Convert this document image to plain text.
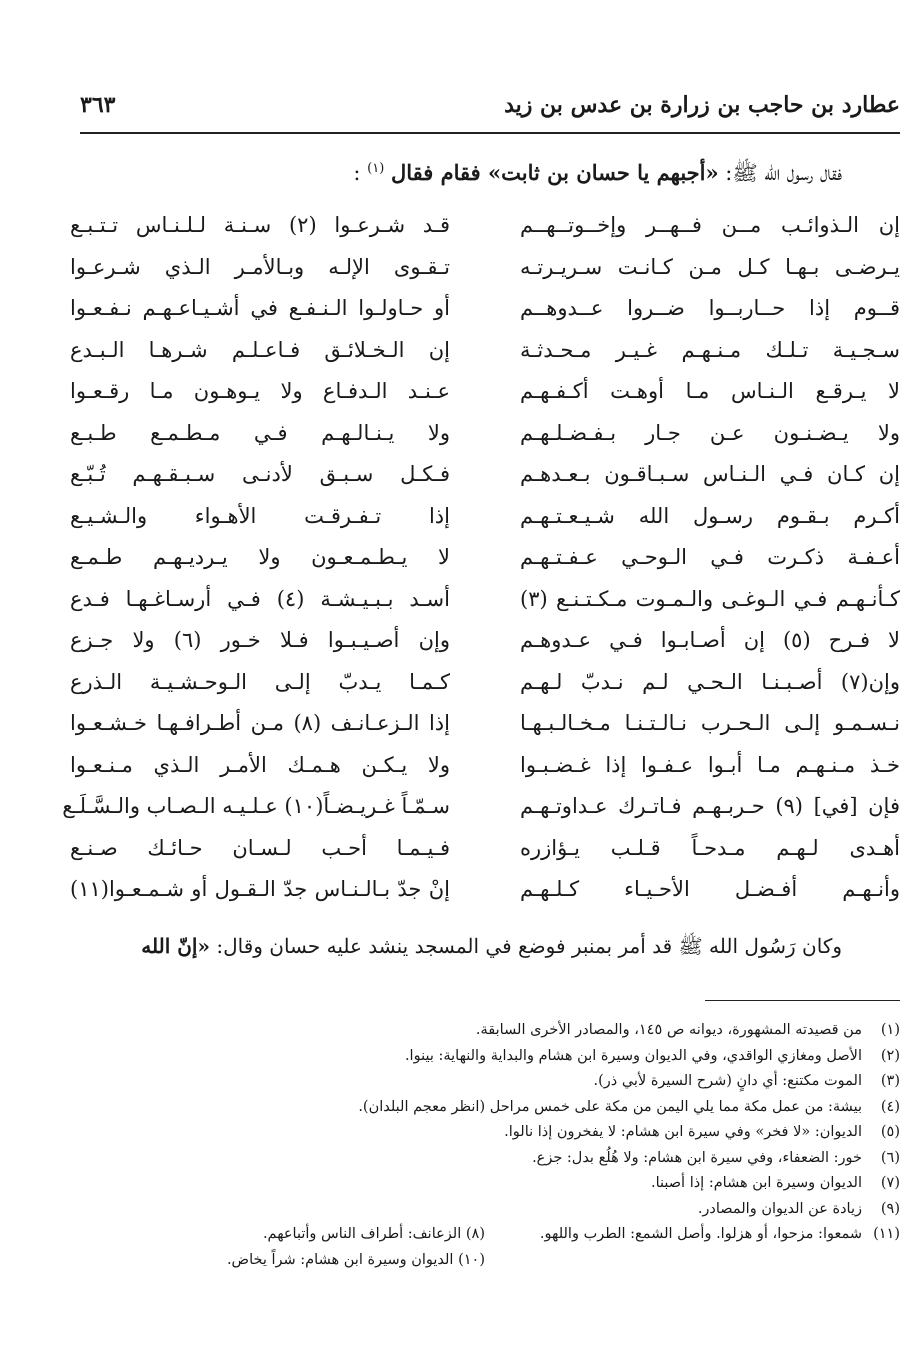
عطارد بن حاجب بن زرارة بن عدس بن زيد
٣٦٣
فقال رسول الله ﷺ: «أجبهم يا حسان بن ثابت» فقام فقال $^{(١)}$ :
إن الـذوائـب مــن فــهــر وإخــوتــهــم
قـد شـرعـوا (٢) سـنـة لـلـنـاس تـتـبـع
يـرضـى بـهـا كـل مـن كـانـت سـريـرتـه
تـقـوى الإلـه وبـالأمـر الـذي شـرعـوا
قــوم إذا حــاربــوا ضــروا عــدوهــم
أو حـاولـوا الـنـفـع في أشـيـاعـهـم نـفـعـوا
سـجـيـة تـلـك مـنـهـم غـيـر مـحـدثـة
إن الـخـلائـق فـاعـلـم شـرهـا الـبـدع
لا يـرقـع الـنـاس مـا أوهـت أكـفـهـم
عـنـد الـدفـاع ولا يـوهـون مـا رقـعـوا
ولا يـضـنـون عـن جـار بـفـضـلـهـم
ولا يـنـالـهـم فـي مـطـمـع طـبـع
إن كـان فـي الـنـاس سـبـاقـون بـعـدهـم
فـكـل سـبـق لأدنـى سـبـقـهـم تُـبّـع
أكـرم بـقـوم رسـول الله شـيـعـتـهـم
إذا تـفـرقـت الأهـواء والـشـيـع
أعـفـة ذكـرت فـي الـوحـي عـفـتـهـم
لا يـطـمـعـون ولا يـرديـهـم طـمـع
كـأنـهـم فـي الـوغـى والـمـوت مـكـتـنـع (٣)
أسـد بـبـيـشـة (٤) فـي أرسـاغـهـا فـدع
لا فـرح (٥) إن أصـابـوا فـي عـدوهـم
وإن أصـيـبـوا فـلا خـور (٦) ولا جـزع
وإن(٧) أصـبـنـا الـحـي لـم نـدبّ لـهـم
كـمـا يـدبّ إلـى الـوحـشـيـة الـذرع
نـسـمـو إلـى الـحـرب نـالـتـنـا مـخـالـبـهـا
إذا الـزعـانـف (٨) مـن أطـرافـهـا خـشـعـوا
خـذ مـنـهـم مـا أبـوا عـفـوا إذا غـضـبـوا
ولا يـكـن هـمـك الأمـر الـذي مـنـعـوا
فإن [في] (٩) حـربـهـم فـاتـرك عـداوتـهـم
سـمّـاً غـريـضـاً(١٠) عـلـيـه الـصـاب والـسَّـلَـع
أهـدى لـهـم مـدحـاً قـلـب يـؤازره
فـيـمـا أحـب لـسـان حـائـك صـنـع
وأنـهـم أفـضـل الأحـيـاء كـلـهـم
إنْ جدّ بـالـنـاس جدّ الـقـول أو شـمـعـوا(١١)
وكان رَسُول الله ﷺ قد أمر بمنبر فوضع في المسجد ينشد عليه حسان وقال: «إنّ الله
(١)من قصيدته المشهورة، ديوانه ص ١٤٥، والمصادر الأخرى السابقة.
(٢)الأصل ومغازي الواقدي، وفي الديوان وسيرة ابن هشام والبداية والنهاية: بينوا.
(٣)الموت مكتنع: أي دانٍ (شرح السيرة لأبي ذر).
(٤)بيشة: من عمل مكة مما يلي اليمن من مكة على خمس مراحل (انظر معجم البلدان).
(٥)الديوان: «لا فخر» وفي سيرة ابن هشام: لا يفخرون إذا نالوا.
(٦)خور: الضعفاء، وفي سيرة ابن هشام: ولا هُلُع بدل: جزع.
(٧)الديوان وسيرة ابن هشام: إذا أصبنا.
(٩)زيادة عن الديوان والمصادر.
(١١)شمعوا: مزحوا، أو هزلوا. وأصل الشمع: الطرب واللهو.
(٨) الزعانف: أطراف الناس وأتباعهم.
(١٠) الديوان وسيرة ابن هشام: شراً يخاض.
